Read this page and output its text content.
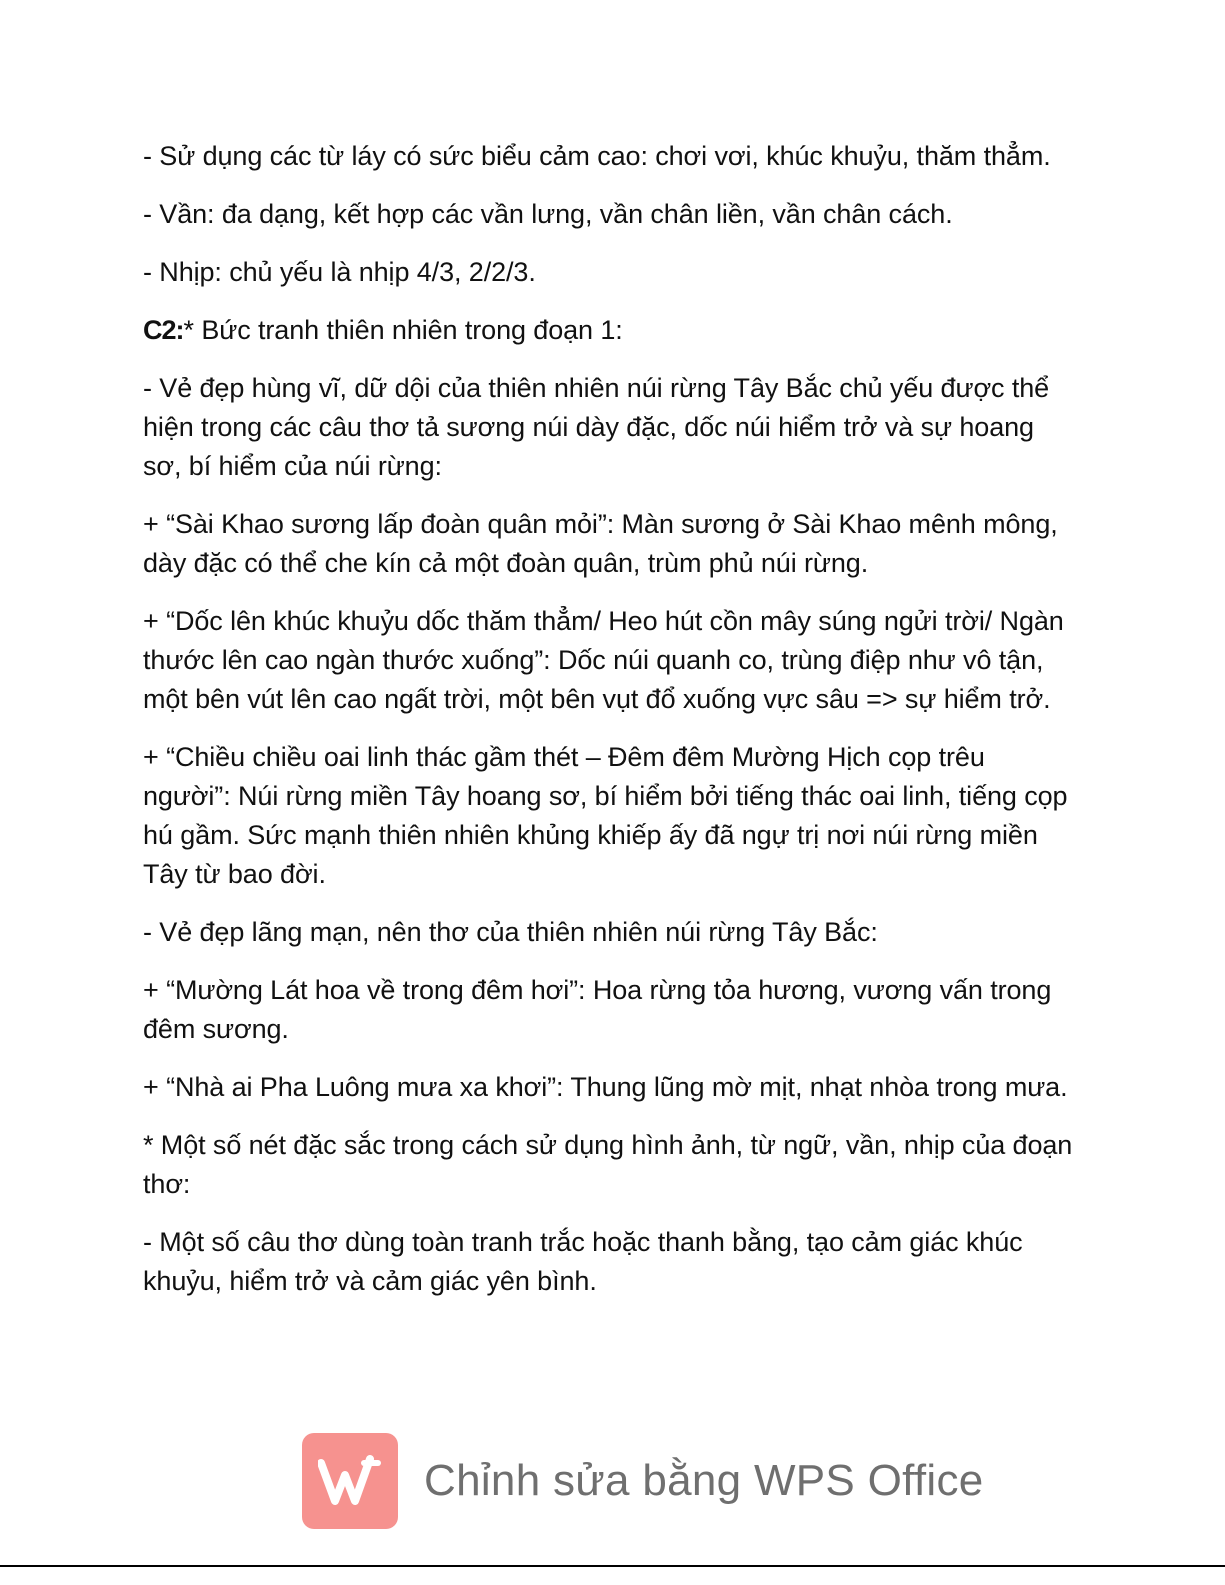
- Sử dụng các từ láy có sức biểu cảm cao: chơi vơi, khúc khuỷu, thăm thẳm.

- Vần: đa dạng, kết hợp các vần lưng, vần chân liền, vần chân cách.

- Nhịp: chủ yếu là nhịp 4/3, 2/2/3.

C2:* Bức tranh thiên nhiên trong đoạn 1:

- Vẻ đẹp hùng vĩ, dữ dội của thiên nhiên núi rừng Tây Bắc chủ yếu được thể hiện trong các câu thơ tả sương núi dày đặc, dốc núi hiểm trở và sự hoang sơ, bí hiểm của núi rừng:

+ “Sài Khao sương lấp đoàn quân mỏi”: Màn sương ở Sài Khao mênh mông, dày đặc có thể che kín cả một đoàn quân, trùm phủ núi rừng.

+ “Dốc lên khúc khuỷu dốc thăm thẳm/ Heo hút cồn mây súng ngửi trời/ Ngàn thước lên cao ngàn thước xuống”: Dốc núi quanh co, trùng điệp như vô tận, một bên vút lên cao ngất trời, một bên vụt đổ xuống vực sâu => sự hiểm trở.

+ “Chiều chiều oai linh thác gầm thét – Đêm đêm Mường Hịch cọp trêu người”: Núi rừng miền Tây hoang sơ, bí hiểm bởi tiếng thác oai linh, tiếng cọp hú gầm. Sức mạnh thiên nhiên khủng khiếp ấy đã ngự trị nơi núi rừng miền Tây từ bao đời.

- Vẻ đẹp lãng mạn, nên thơ của thiên nhiên núi rừng Tây Bắc:

+ “Mường Lát hoa về trong đêm hơi”: Hoa rừng tỏa hương, vương vấn trong đêm sương.

+ “Nhà ai Pha Luông mưa xa khơi”: Thung lũng mờ mịt, nhạt nhòa trong mưa.

* Một số nét đặc sắc trong cách sử dụng hình ảnh, từ ngữ, vần, nhịp của đoạn thơ:

- Một số câu thơ dùng toàn tranh trắc hoặc thanh bằng, tạo cảm giác khúc khuỷu, hiểm trở và cảm giác yên bình.

Chỉnh sửa bằng WPS Office
